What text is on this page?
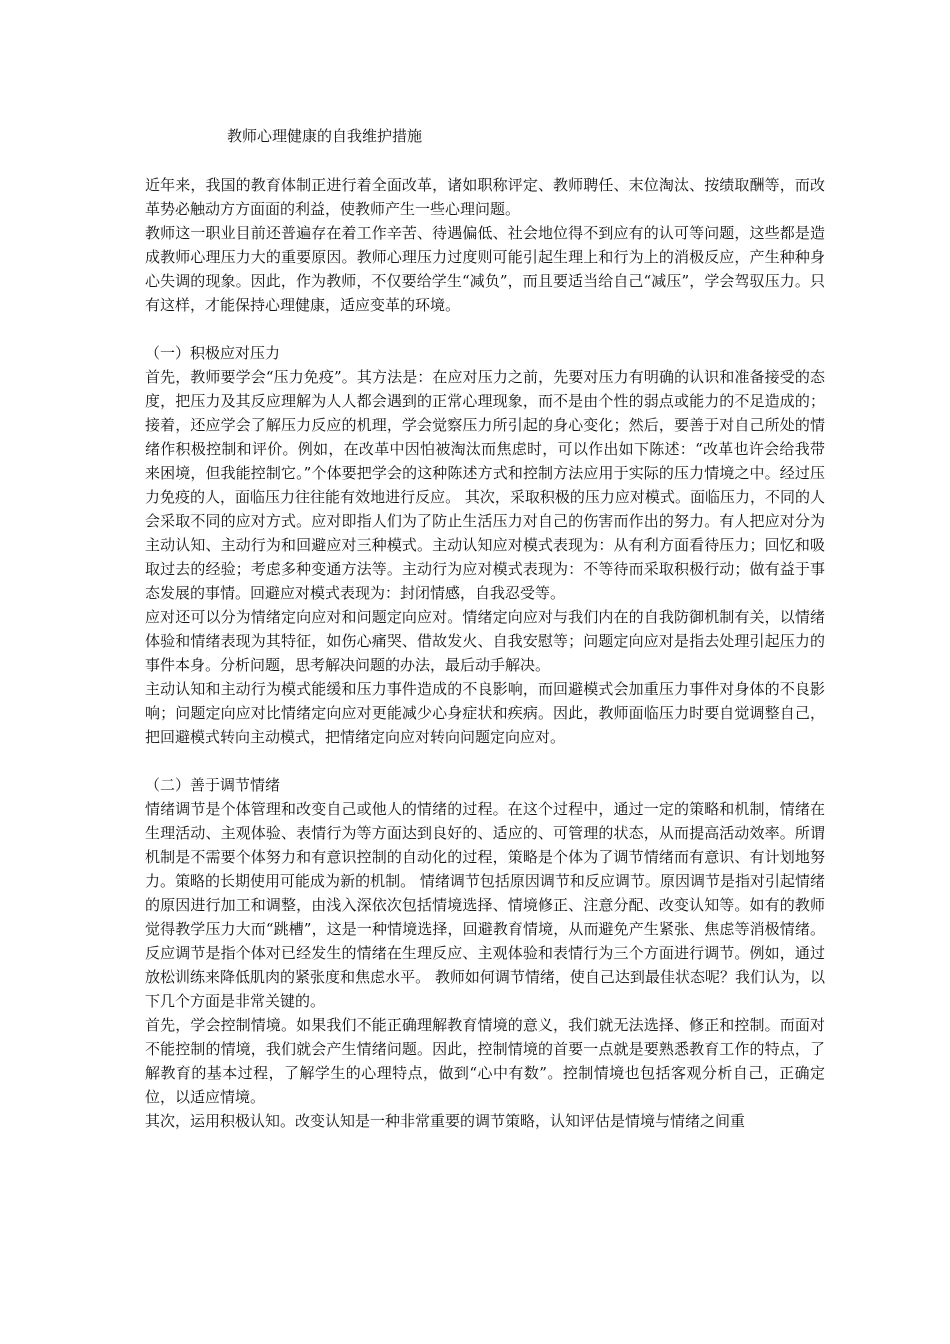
教师心理健康的自我维护措施

近年来，我国的教育体制正进行着全面改革，诸如职称评定、教师聘任、末位淘汰、按绩取酬等，而改革势必触动方方面面的利益，使教师产生一些心理问题。

教师这一职业目前还普遍存在着工作辛苦、待遇偏低、社会地位得不到应有的认可等问题，这些都是造成教师心理压力大的重要原因。教师心理压力过度则可能引起生理上和行为上的消极反应，产生种种身心失调的现象。因此，作为教师，不仅要给学生“减负”，而且要适当给自己“减压”，学会驾驭压力。只有这样，才能保持心理健康，适应变革的环境。

（一）积极应对压力

首先，教师要学会“压力免疫”。其方法是：在应对压力之前，先要对压力有明确的认识和准备接受的态度，把压力及其反应理解为人人都会遇到的正常心理现象，而不是由个性的弱点或能力的不足造成的；接着，还应学会了解压力反应的机理，学会觉察压力所引起的身心变化；然后，要善于对自己所处的情绪作积极控制和评价。例如，在改革中因怕被淘汰而焦虑时，可以作出如下陈述：“改革也许会给我带来困境，但我能控制它。”个体要把学会的这种陈述方式和控制方法应用于实际的压力情境之中。经过压力免疫的人，面临压力往往能有效地进行反应。 其次，采取积极的压力应对模式。面临压力，不同的人会采取不同的应对方式。应对即指人们为了防止生活压力对自己的伤害而作出的努力。有人把应对分为主动认知、主动行为和回避应对三种模式。主动认知应对模式表现为：从有利方面看待压力；回忆和吸取过去的经验；考虑多种变通方法等。主动行为应对模式表现为：不等待而采取积极行动；做有益于事态发展的事情。回避应对模式表现为：封闭情感，自我忍受等。

应对还可以分为情绪定向应对和问题定向应对。情绪定向应对与我们内在的自我防御机制有关，以情绪体验和情绪表现为其特征，如伤心痛哭、借故发火、自我安慰等；问题定向应对是指去处理引起压力的事件本身。分析问题，思考解决问题的办法，最后动手解决。

主动认知和主动行为模式能缓和压力事件造成的不良影响，而回避模式会加重压力事件对身体的不良影响；问题定向应对比情绪定向应对更能减少心身症状和疾病。因此，教师面临压力时要自觉调整自己，把回避模式转向主动模式，把情绪定向应对转向问题定向应对。

（二）善于调节情绪

情绪调节是个体管理和改变自己或他人的情绪的过程。在这个过程中，通过一定的策略和机制，情绪在生理活动、主观体验、表情行为等方面达到良好的、适应的、可管理的状态，从而提高活动效率。所谓机制是不需要个体努力和有意识控制的自动化的过程，策略是个体为了调节情绪而有意识、有计划地努力。策略的长期使用可能成为新的机制。 情绪调节包括原因调节和反应调节。原因调节是指对引起情绪的原因进行加工和调整，由浅入深依次包括情境选择、情境修正、注意分配、改变认知等。如有的教师觉得教学压力大而“跳槽”，这是一种情境选择，回避教育情境，从而避免产生紧张、焦虑等消极情绪。反应调节是指个体对已经发生的情绪在生理反应、主观体验和表情行为三个方面进行调节。例如，通过放松训练来降低肌肉的紧张度和焦虑水平。 教师如何调节情绪，使自己达到最佳状态呢？我们认为，以下几个方面是非常关键的。

首先，学会控制情境。如果我们不能正确理解教育情境的意义，我们就无法选择、修正和控制。而面对不能控制的情境，我们就会产生情绪问题。因此，控制情境的首要一点就是要熟悉教育工作的特点，了解教育的基本过程，了解学生的心理特点，做到“心中有数”。控制情境也包括客观分析自己，正确定位，以适应情境。

其次，运用积极认知。改变认知是一种非常重要的调节策略，认知评估是情境与情绪之间重
